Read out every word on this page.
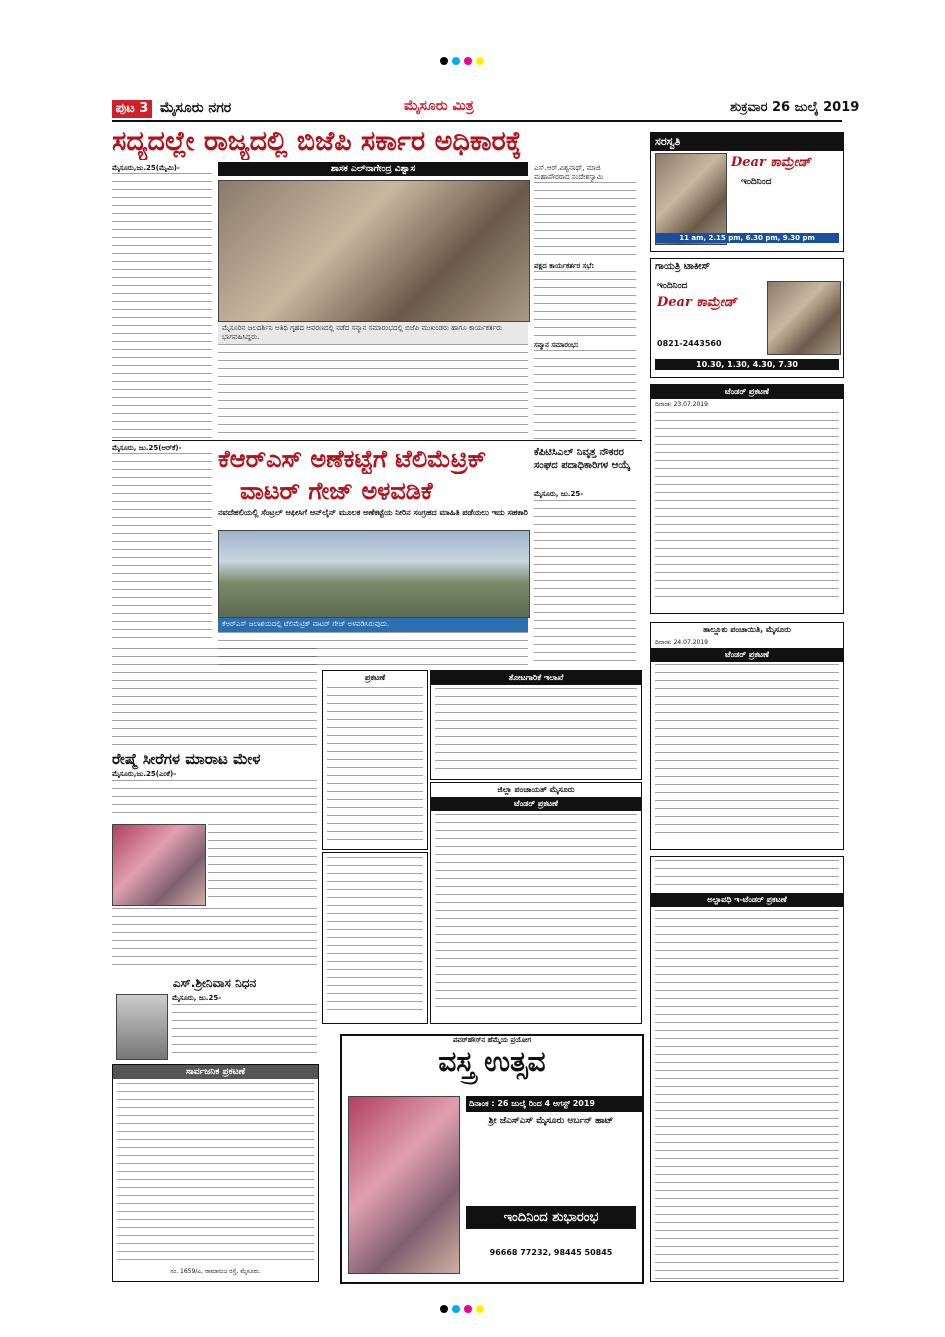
ಪುಟ 3 ಮೈಸೂರು ನಗರ	ಮೈಸೂರು ಮಿತ್ರ	ಶುಕ್ರವಾರ 26 ಜುಲೈ 2019
ಸದ್ಯದಲ್ಲೇ ರಾಜ್ಯದಲ್ಲಿ ಬಿಜೆಪಿ ಸರ್ಕಾರ ಅಧಿಕಾರಕ್ಕೆ
ಮೈಸೂರು,ಜು.25(ಮೈಮಿ)-	ಶಾಸಕ ಎಲ್‌ನಾಗೇಂದ್ರ ವಿಶ್ವಾಸ
ಮೈಸೂರಿನ ಜಲದರ್ಶಿನಿ ಅತಿಥಿ ಗೃಹದ ಆವರಣದಲ್ಲಿ ನಡೆದ ಸನ್ಮಾನ ಸಮಾರಂಭದಲ್ಲಿ ಬಿಜೆಪಿ ಮುಖಂಡರು ಹಾಗೂ ಕಾರ್ಯಕರ್ತರು ಭಾಗವಹಿಸಿದ್ದರು.
ಎಸ್.ಆರ್.ವಿಶ್ವನಾಥ್, ಮಾಜಿ ಮಹಾಪೌರರಾದ ಸಂದೇಶಸ್ವಾಮಿ
ಪಕ್ಷದ ಕಾರ್ಯಕರ್ತರ ಸಭೆ:
ಸನ್ಮಾನ ಸಮಾರಂಭ:
ಕೆಆರ್‌ಎಸ್ ಅಣೆಕಟ್ಟೆಗೆ ಟೆಲಿಮೆಟ್ರಿಕ್
ವಾಟರ್ ಗೇಜ್ ಅಳವಡಿಕೆ
ನವದೆಹಲಿಯಲ್ಲಿ ಸೆಂಟ್ರಲ್ ಆಫೀಸಿಗೆ ಆನ್‌ಲೈನ್ ಮೂಲಕ ಅಣೆಕಟ್ಟೆಯ ನೀರಿನ ಸಂಗ್ರಹದ ಮಾಹಿತಿ ಪಡೆಯಲು ಇದು ಸಹಕಾರಿ
ಕೆಆರ್‌ಎಸ್ ಜಲಾಶಯದಲ್ಲಿ ಟೆಲಿಮೆಟ್ರಿಕ್ ವಾಟರ್ ಗೇಜ್ ಅಳವಡಿಸಿರುವುದು.
ಮೈಸೂರು, ಜು.25(ಆರ್‌ಕೆ)-	ಕೆಪಿಟಿಸಿಎಲ್ ನಿವೃತ್ತ ನೌಕರರ ಸಂಘದ ಪದಾಧಿಕಾರಿಗಳ ಆಯ್ಕೆ
ಮೈಸೂರು, ಜು.25-
ರೇಷ್ಮೆ ಸೀರೆಗಳ ಮಾರಾಟ ಮೇಳ
ಮೈಸೂರು,ಜು.25(ಎಂಕೆ)-
ಎಸ್.ಶ್ರೀನಿವಾಸ ನಿಧನ
ಮೈಸೂರು, ಜು.25-
ಸಾರ್ವಜನಿಕ ಪ್ರಕಟಣೆ
ನಂ. 1659/ಎ, ರಾಮಾನುಜ ರಸ್ತೆ, ಮೈಸೂರು.
ಪ್ರಕಟಣೆ	ತೋಟಗಾರಿಕೆ ಇಲಾಖೆ
ಜಿಲ್ಲಾ ಪಂಚಾಯತ್ ಮೈಸೂರು
ಟೆಂಡರ್ ಪ್ರಕಟಣೆ
ಪವರ್‌ಹೌಸ್‌ನ ಹೆಮ್ಮೆಯ ಪ್ರಯೋಗ
ವಸ್ತ್ರ ಉತ್ಸವ
ದಿನಾಂಕ : 26 ಜುಲೈ ರಿಂದ 4 ಆಗಸ್ಟ್ 2019
ಶ್ರೀ ಜೆಎಸ್‌ಎಸ್ ಮೈಸೂರು ಅರ್ಬನ್ ಹಾಟ್
ಇಂದಿನಿಂದ ಶುಭಾರಂಭ
96668 77232, 98445 50845
ಸರಸ್ವತಿ
Dear ಕಾಮ್ರೇಡ್
ಇಂದಿನಿಂದ
11 am, 2.15 pm, 6.30 pm, 9.30 pm
ಗಾಯತ್ರಿ ಟಾಕೀಸ್
ಇಂದಿನಿಂದ
Dear ಕಾಮ್ರೇಡ್
0821-2443560
10.30, 1.30, 4.30, 7.30
ಟೆಂಡರ್ ಪ್ರಕಟಣೆ
ದಿನಾಂಕ: 23.07.2019
ತಾಲ್ಲೂಕು ಪಂಚಾಯಿತಿ, ಮೈಸೂರು
ದಿನಾಂಕ: 24.07.2019
ಟೆಂಡರ್ ಪ್ರಕಟಣೆ
ಅಲ್ಪಾವಧಿ ಇ-ಟೆಂಡರ್ ಪ್ರಕಟಣೆ
